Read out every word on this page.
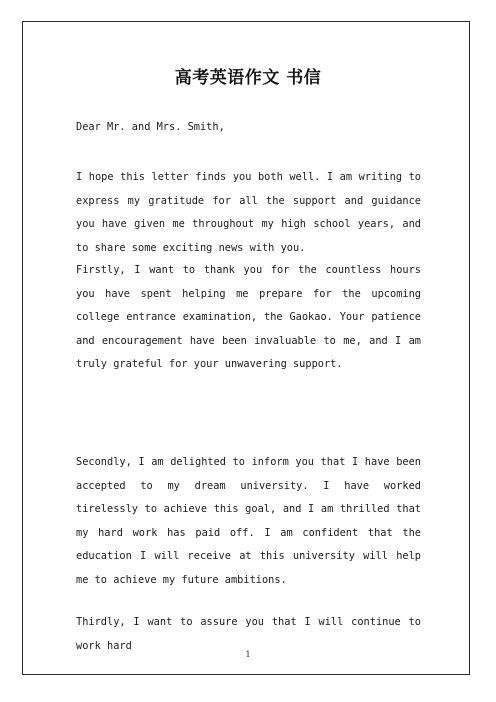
高考英语作文 书信
Dear Mr. and Mrs. Smith,
I hope this letter finds you both well. I am writing to express my gratitude for all the support and guidance you have given me throughout my high school years, and to share some exciting news with you.
Firstly, I want to thank you for the countless hours you have spent helping me prepare for the upcoming college entrance examination, the Gaokao. Your patience and encouragement have been invaluable to me, and I am truly grateful for your unwavering support.
Secondly, I am delighted to inform you that I have been accepted to my dream university. I have worked tirelessly to achieve this goal, and I am thrilled that my hard work has paid off. I am confident that the education I will receive at this university will help me to achieve my future ambitions.
Thirdly, I want to assure you that I will continue to work hard
1
